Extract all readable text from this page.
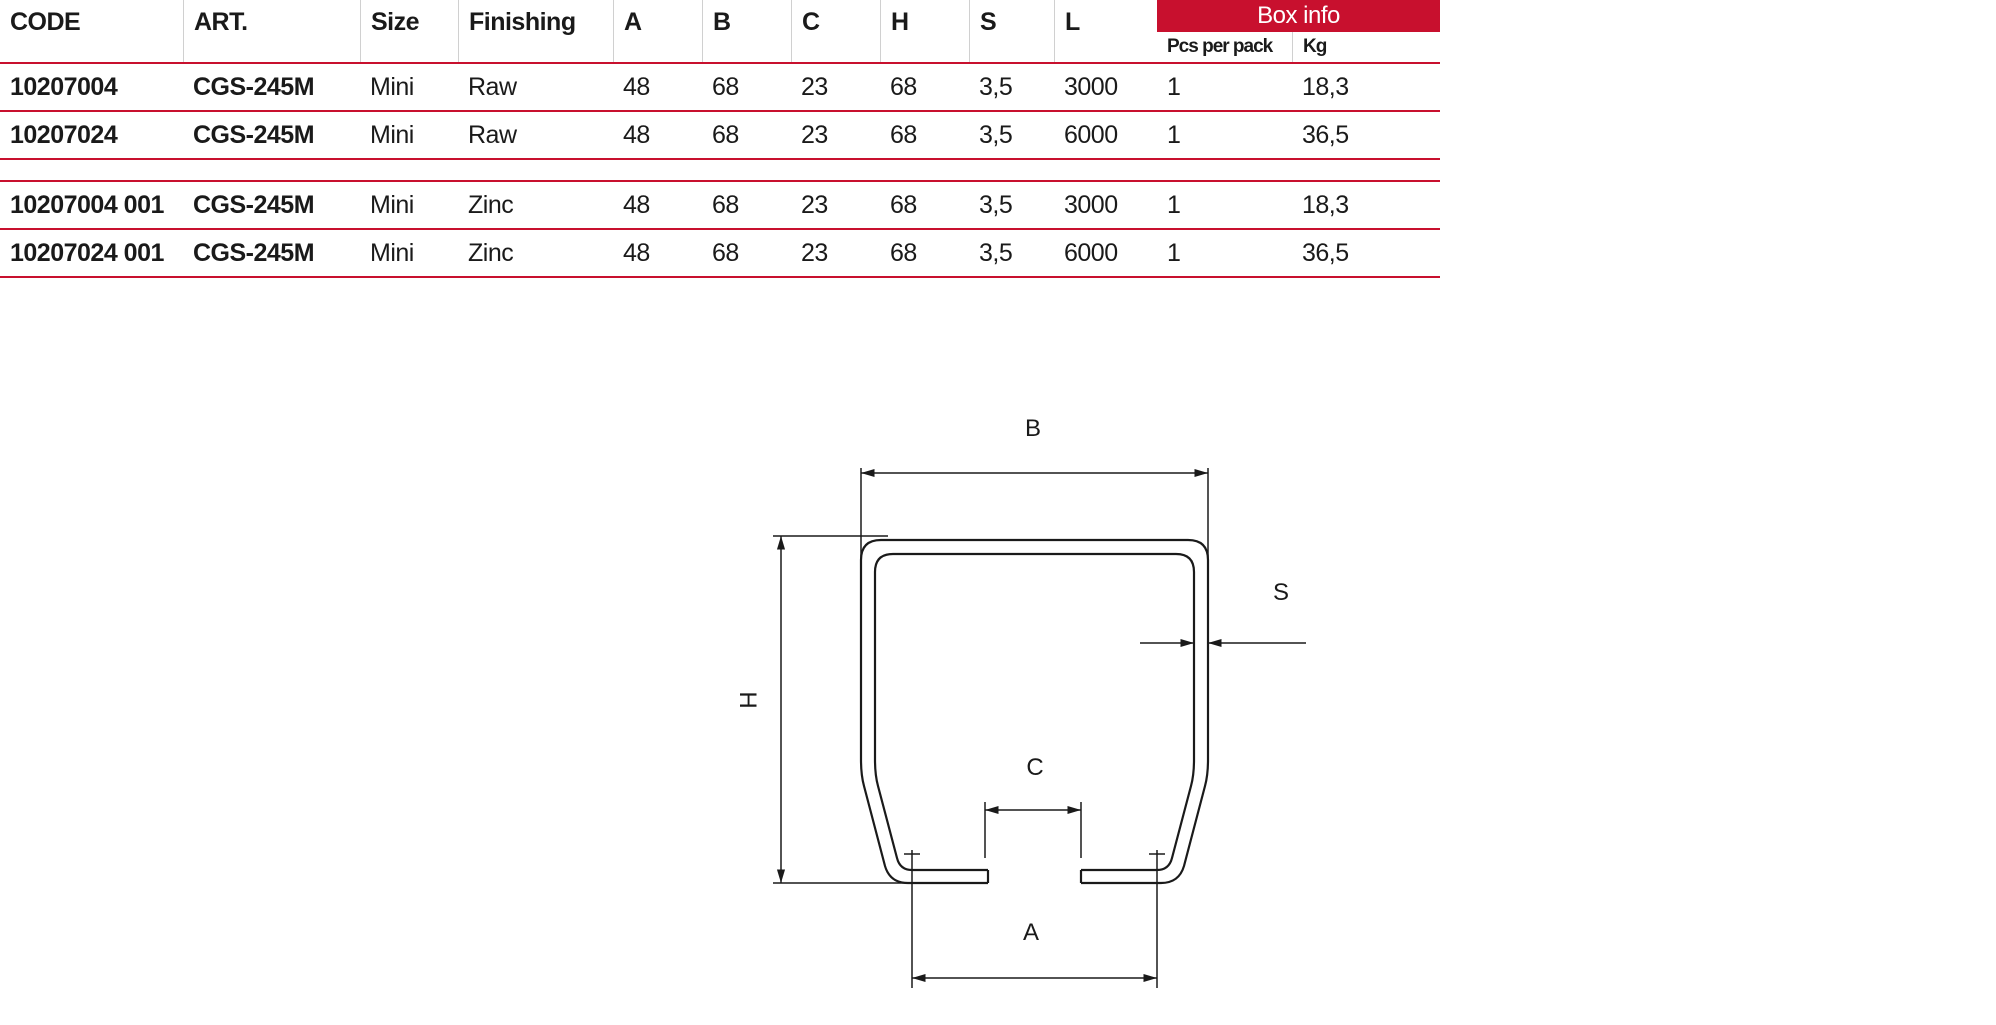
CODE	ART.	Size	Finishing	A	B	C	H	S	L	Box info
Pcs per pack	Kg
10207004	CGS-245M	Mini	Raw	48	68	23	68	3,5	3000	1	18,3
10207024	CGS-245M	Mini	Raw	48	68	23	68	3,5	6000	1	36,5
10207004 001	CGS-245M	Mini	Zinc	48	68	23	68	3,5	3000	1	18,3
10207024 001	CGS-245M	Mini	Zinc	48	68	23	68	3,5	6000	1	36,5
B
S
H
C
A
